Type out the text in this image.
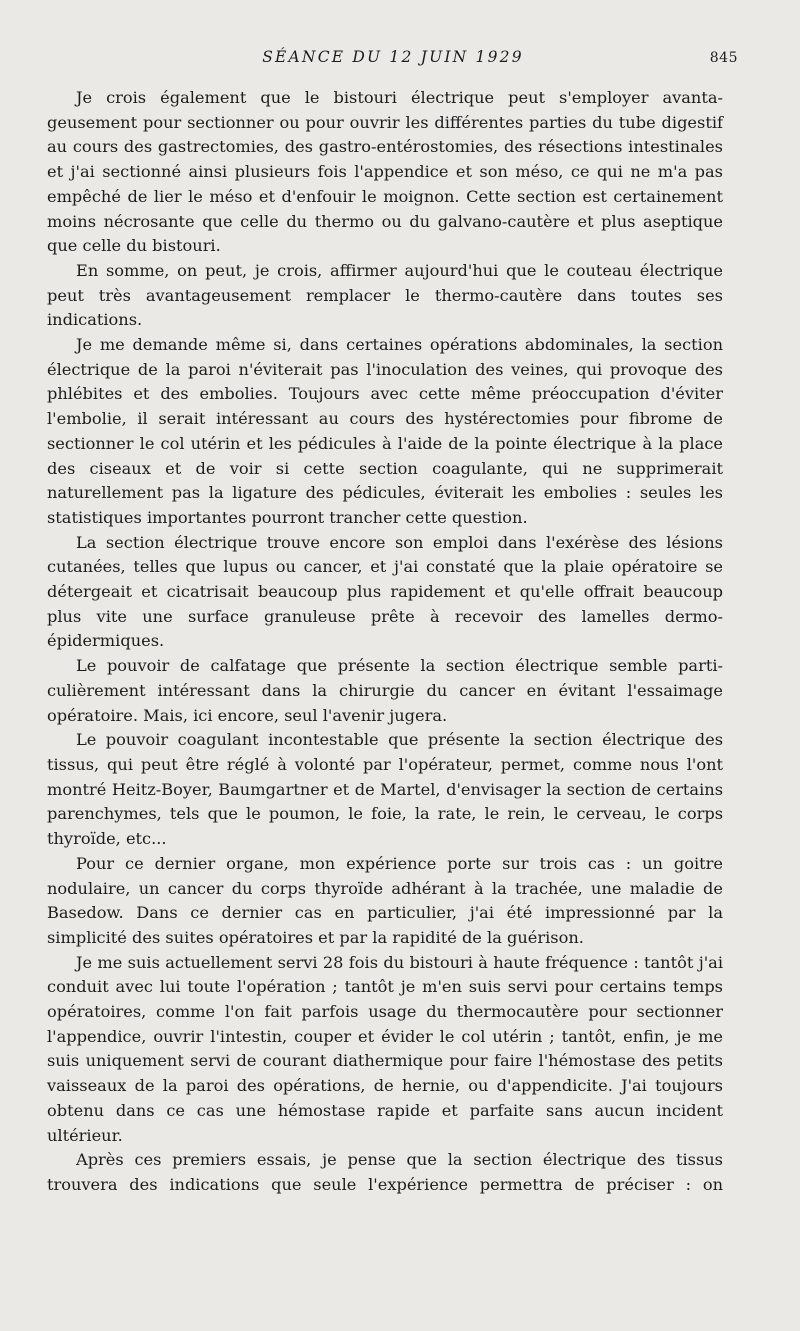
SÉANCE DU 12 JUIN 1929	845

Je crois également que le bistouri électrique peut s'employer avantageusement pour sectionner ou pour ouvrir les différentes parties du tube digestif au cours des gastrectomies, des gastro-entérostomies, des résections intestinales et j'ai sectionné ainsi plusieurs fois l'appendice et son méso, ce qui ne m'a pas empêché de lier le méso et d'enfouir le moignon. Cette section est certainement moins nécrosante que celle du thermo ou du galvano-cautère et plus aseptique que celle du bistouri.

En somme, on peut, je crois, affirmer aujourd'hui que le couteau électrique peut très avantageusement remplacer le thermo-cautère dans toutes ses indications.

Je me demande même si, dans certaines opérations abdominales, la section électrique de la paroi n'éviterait pas l'inoculation des veines, qui provoque des phlébites et des embolies. Toujours avec cette même préoccupation d'éviter l'embolie, il serait intéressant au cours des hystérectomies pour fibrome de sectionner le col utérin et les pédicules à l'aide de la pointe électrique à la place des ciseaux et de voir si cette section coagulante, qui ne supprimerait naturellement pas la ligature des pédicules, éviterait les embolies : seules les statistiques importantes pourront trancher cette question.

La section électrique trouve encore son emploi dans l'exérèse des lésions cutanées, telles que lupus ou cancer, et j'ai constaté que la plaie opératoire se détergeait et cicatrisait beaucoup plus rapidement et qu'elle offrait beaucoup plus vite une surface granuleuse prête à recevoir des lamelles dermo-épidermiques.

Le pouvoir de calfatage que présente la section électrique semble particulièrement intéressant dans la chirurgie du cancer en évitant l'essaimage opératoire. Mais, ici encore, seul l'avenir jugera.

Le pouvoir coagulant incontestable que présente la section électrique des tissus, qui peut être réglé à volonté par l'opérateur, permet, comme nous l'ont montré Heitz-Boyer, Baumgartner et de Martel, d'envisager la section de certains parenchymes, tels que le poumon, le foie, la rate, le rein, le cerveau, le corps thyroïde, etc...

Pour ce dernier organe, mon expérience porte sur trois cas : un goitre nodulaire, un cancer du corps thyroïde adhérant à la trachée, une maladie de Basedow. Dans ce dernier cas en particulier, j'ai été impressionné par la simplicité des suites opératoires et par la rapidité de la guérison.

Je me suis actuellement servi 28 fois du bistouri à haute fréquence : tantôt j'ai conduit avec lui toute l'opération ; tantôt je m'en suis servi pour certains temps opératoires, comme l'on fait parfois usage du thermocautère pour sectionner l'appendice, ouvrir l'intestin, couper et évider le col utérin ; tantôt, enfin, je me suis uniquement servi de courant diathermique pour faire l'hémostase des petits vaisseaux de la paroi des opérations, de hernie, ou d'appendicite. J'ai toujours obtenu dans ce cas une hémostase rapide et parfaite sans aucun incident ultérieur.

Après ces premiers essais, je pense que la section électrique des tissus trouvera des indications que seule l'expérience permettra de préciser : on
